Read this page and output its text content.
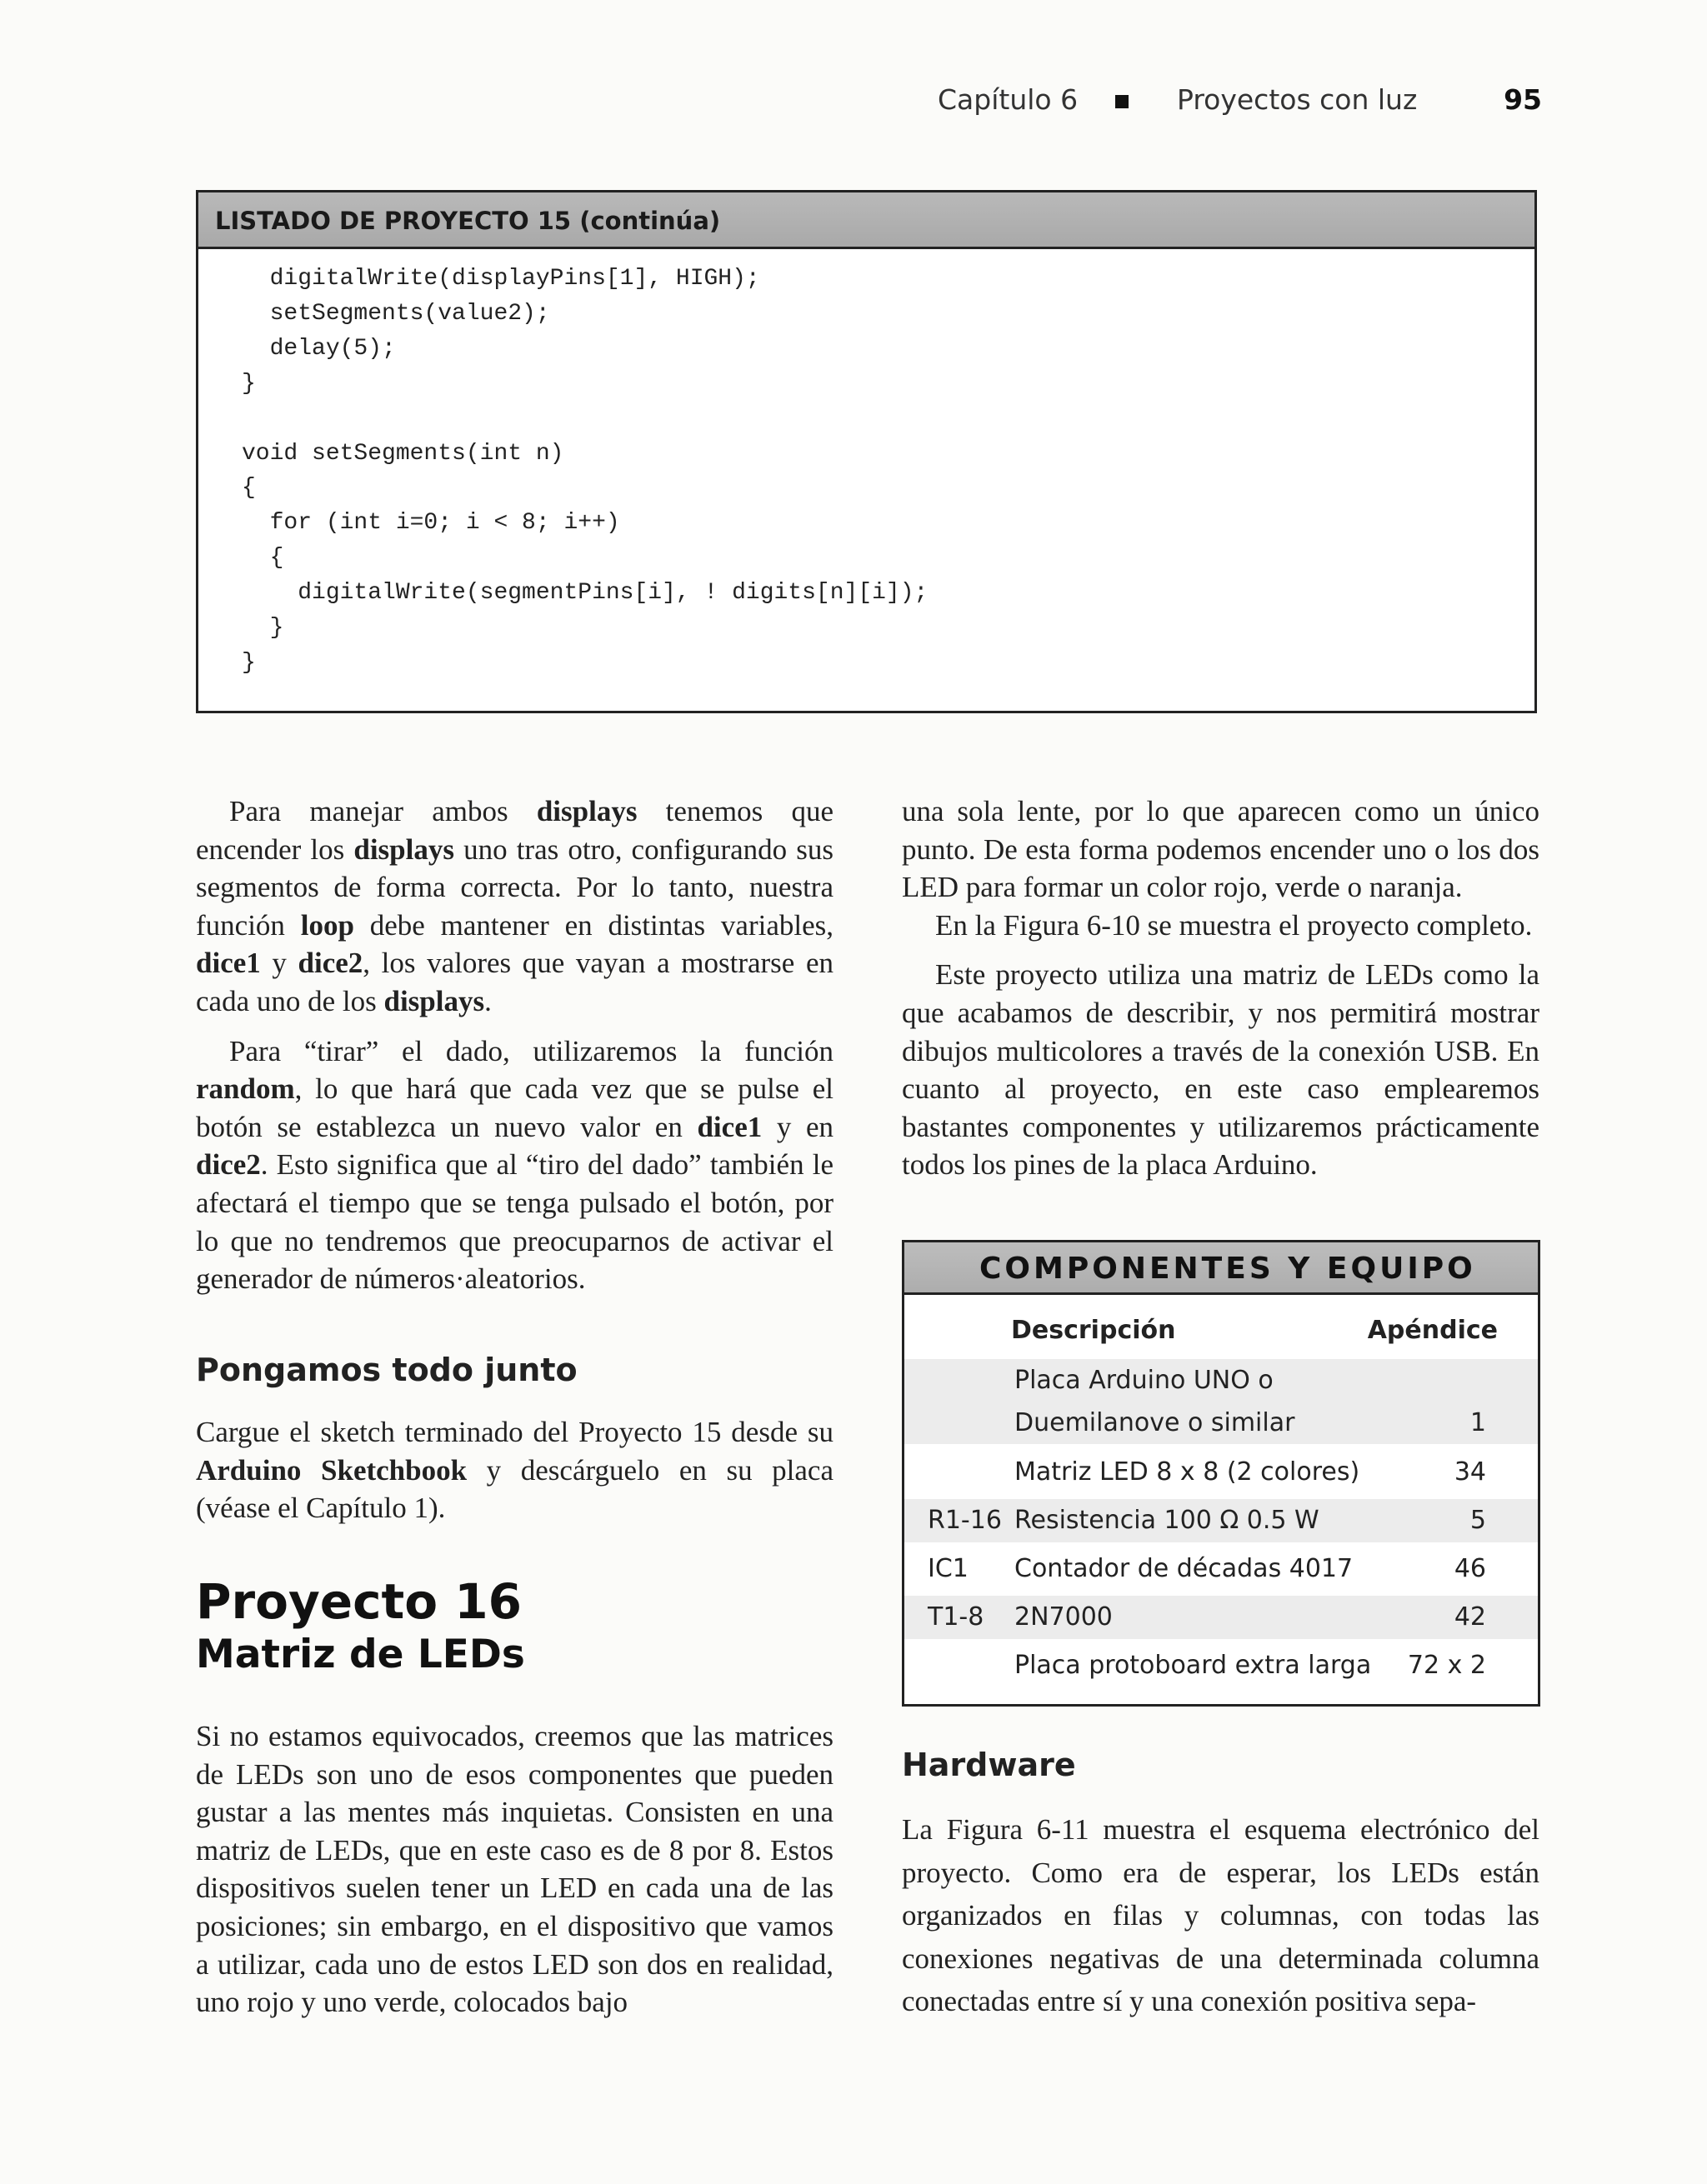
Capítulo 6	Proyectos con luz	95
LISTADO DE PROYECTO 15 (continúa)
digitalWrite(displayPins[1], HIGH);
setSegments(value2);
delay(5);
}

void setSegments(int n)
{
for (int i=0; i < 8; i++)
{
digitalWrite(segmentPins[i], ! digits[n][i]);
}
}

Para manejar ambos displays tenemos que encender los displays uno tras otro, configurando sus segmentos de forma correcta. Por lo tanto, nuestra función loop debe mantener en distintas variables, dice1 y dice2, los valores que vayan a mostrarse en cada uno de los displays.

Para “tirar” el dado, utilizaremos la función random, lo que hará que cada vez que se pulse el botón se establezca un nuevo valor en dice1 y en dice2. Esto significa que al “tiro del dado” también le afectará el tiempo que se tenga pulsado el botón, por lo que no tendremos que preocuparnos de activar el generador de números·aleatorios.

Pongamos todo junto

Cargue el sketch terminado del Proyecto 15 desde su Arduino Sketchbook y descárguelo en su placa (véase el Capítulo 1).

Proyecto 16
Matriz de LEDs

Si no estamos equivocados, creemos que las matrices de LEDs son uno de esos componentes que pueden gustar a las mentes más inquietas. Consisten en una matriz de LEDs, que en este caso es de 8 por 8. Estos dispositivos suelen tener un LED en cada una de las posiciones; sin embargo, en el dispositivo que vamos a utilizar, cada uno de estos LED son dos en realidad, uno rojo y uno verde, colocados bajo

una sola lente, por lo que aparecen como un único punto. De esta forma podemos encender uno o los dos LED para formar un color rojo, verde o naranja.

En la Figura 6-10 se muestra el proyecto completo.

Este proyecto utiliza una matriz de LEDs como la que acabamos de describir, y nos permitirá mostrar dibujos multicolores a través de la conexión USB. En cuanto al proyecto, en este caso emplearemos bastantes componentes y utilizaremos prácticamente todos los pines de la placa Arduino.

COMPONENTES Y EQUIPO
Descripción	Apéndice
Placa Arduino UNO o
Duemilanove o similar	1
Matriz LED 8 x 8 (2 colores)	34
R1-16 Resistencia 100 Ω 0.5 W	5
IC1 Contador de décadas 4017	46
T1-8 2N7000	42
Placa protoboard extra larga 72 x 2
Hardware

La Figura 6-11 muestra el esquema electrónico del proyecto. Como era de esperar, los LEDs están organizados en filas y columnas, con todas las conexiones negativas de una determinada columna conectadas entre sí y una conexión positiva sepa-
